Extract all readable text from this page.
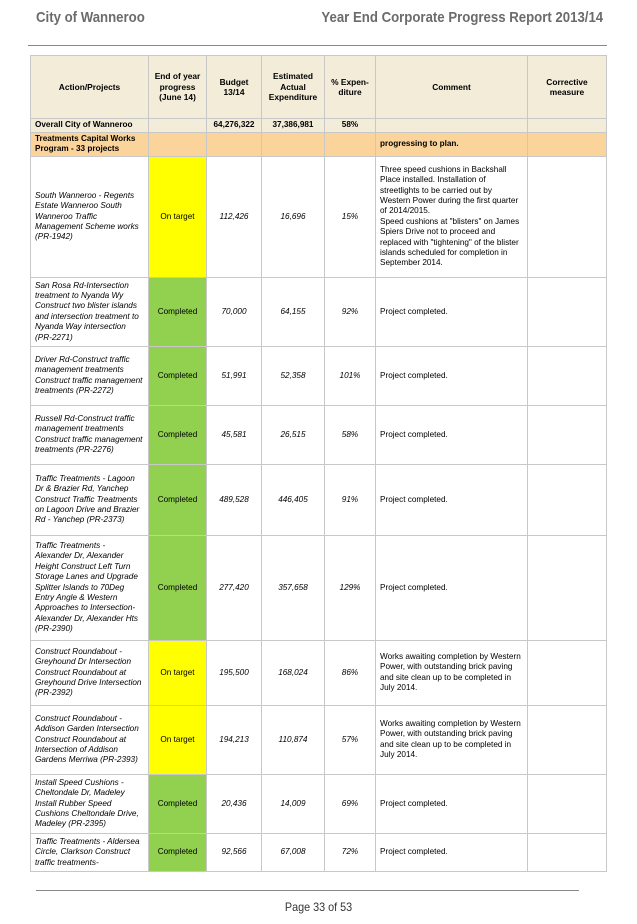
City of Wanneroo	Year End Corporate Progress Report 2013/14
Action/Projects	End of year progress (June 14)	Budget 13/14	Estimated Actual Expenditure	% Expen- diture	Comment	Corrective measure
Overall City of Wanneroo		64,276,322	37,386,981	58%		
Treatments Capital Works Program - 33 projects					progressing to plan.	
South Wanneroo - Regents Estate Wanneroo South Wanneroo Traffic Management Scheme works (PR-1942)	On target	112,426	16,696	15%	Three speed cushions in Backshall Place installed. Installation of streetlights to be carried out by Western Power during the first quarter of 2014/2015.
Speed cushions at "blisters" on James Spiers Drive not to proceed and replaced with "tightening" of the blister islands scheduled for completion in September 2014.	
San Rosa Rd-Intersection treatment to Nyanda Wy Construct two blister islands and intersection treatment to Nyanda Way intersection (PR-2271)	Completed	70,000	64,155	92%	Project completed.	
Driver Rd-Construct traffic management treatments Construct traffic management treatments (PR-2272)	Completed	51,991	52,358	101%	Project completed.	
Russell Rd-Construct traffic management treatments Construct traffic management treatments (PR-2276)	Completed	45,581	26,515	58%	Project completed.	
Traffic Treatments - Lagoon Dr & Brazier Rd, Yanchep Construct Traffic Treatments on Lagoon Drive and Brazier Rd - Yanchep (PR-2373)	Completed	489,528	446,405	91%	Project completed.	
Traffic Treatments - Alexander Dr, Alexander Height Construct Left Turn Storage Lanes and Upgrade Splitter Islands to 70Deg Entry Angle & Western Approaches to Intersection-Alexander Dr, Alexander Hts (PR-2390)	Completed	277,420	357,658	129%	Project completed.	
Construct Roundabout - Greyhound Dr Intersection Construct Roundabout at Greyhound Drive Intersection (PR-2392)	On target	195,500	168,024	86%	Works awaiting completion by Western Power, with outstanding brick paving and site clean up to be completed in July 2014.	
Construct Roundabout - Addison Garden Intersection Construct Roundabout at Intersection of Addison Gardens Merriwa (PR-2393)	On target	194,213	110,874	57%	Works awaiting completion by Western Power, with outstanding brick paving and site clean up to be completed in July 2014.	
Install Speed Cushions - Cheltondale Dr, Madeley Install Rubber Speed Cushions Cheltondale Drive, Madeley (PR-2395)	Completed	20,436	14,009	69%	Project completed.	
Traffic Treatments - Aldersea Circle, Clarkson Construct traffic treatments-	Completed	92,566	67,008	72%	Project completed.	
Page 33 of 53
